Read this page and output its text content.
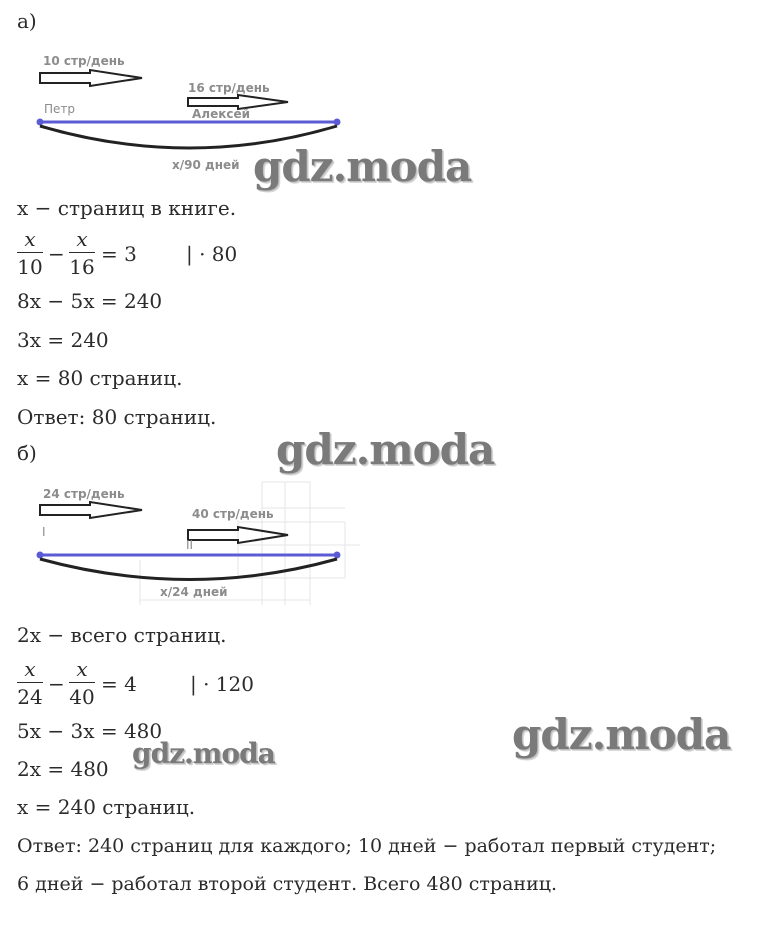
а)
10 стр/день
16 стр/день
Петр	Алексей
x/90 дней
x − страниц в книге.
x
10
−
x
16
= 3 | · 80
8x − 5x = 240
3x = 240
x = 80 страниц.
Ответ: 80 страниц.
б)
24 стр/день
40 стр/день
I
II
x/24 дней
2x − всего страниц.
x
24
−
x
40
= 4	| · 120
5x − 3x = 480
2x = 480
x = 240 страниц.
Ответ: 240 страниц для каждого; 10 дней − работал первый студент;
6 дней − работал второй студент. Всего 480 страниц.
gdz.moda
gdz.moda
gdz.moda
gdz.moda
